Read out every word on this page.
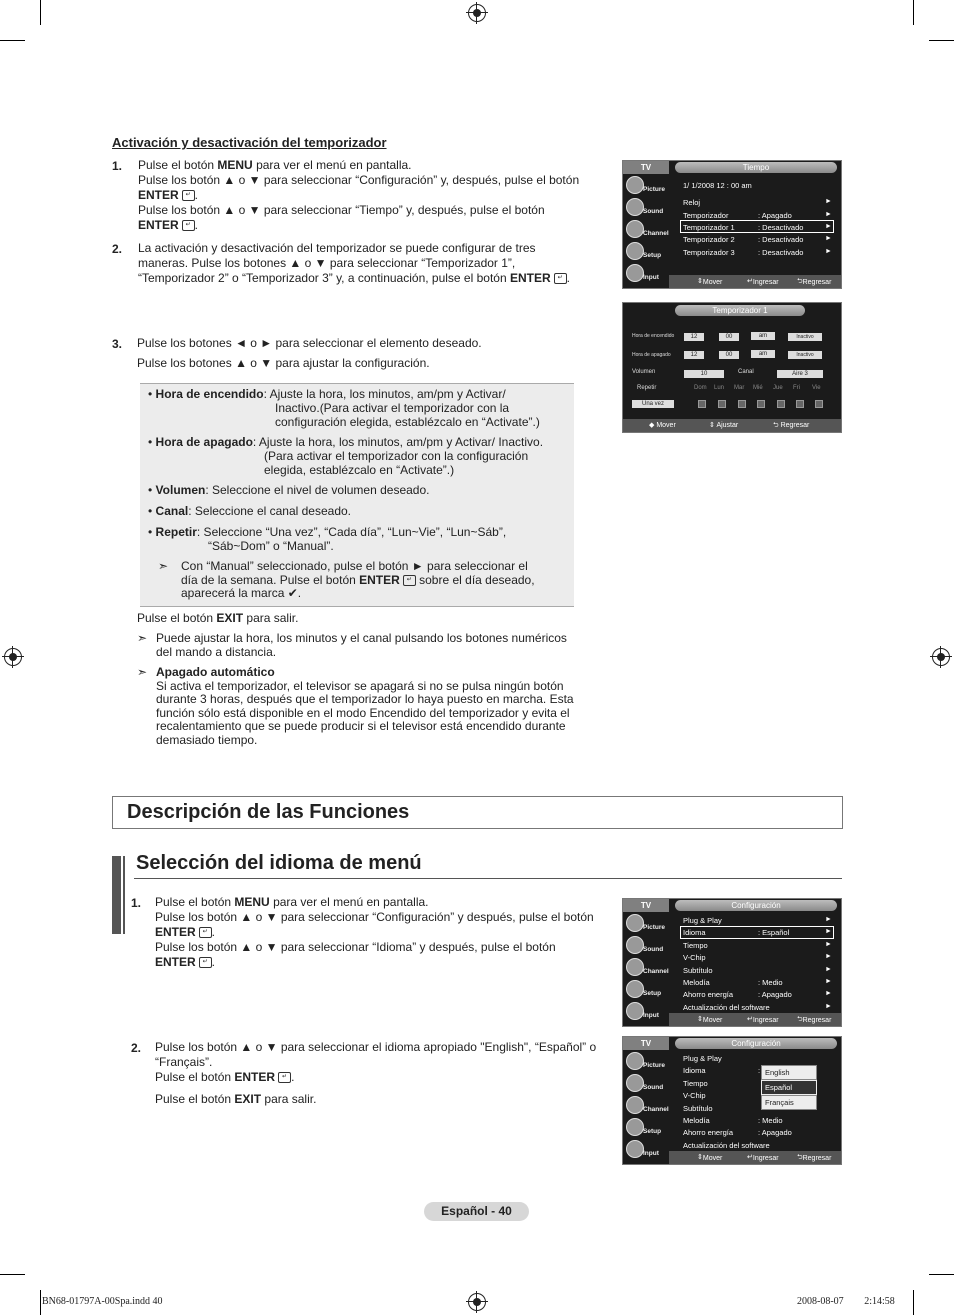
Activación y desactivación del temporizador
1. Pulse el botón MENU para ver el menú en pantalla.
Pulse los botón ▲ o ▼ para seleccionar “Configuración” y, después, pulse el botón
ENTER ↵ .
Pulse los botón ▲ o ▼ para seleccionar “Tiempo” y, después, pulse el botón
ENTER ↵ .
2. La activación y desactivación del temporizador se puede configurar de tres
maneras. Pulse los botones ▲ o ▼ para seleccionar “Temporizador 1”,
“Temporizador 2” o “Temporizador 3” y, a continuación, pulse el botón ENTER ↵ .
3. Pulse los botones ◄ o ► para seleccionar el elemento deseado.
Pulse los botones ▲ o ▼ para ajustar la configuración.
• Hora de encendido: Ajuste la hora, los minutos, am/pm y Activar/
Inactivo.(Para activar el temporizador con la
configuración elegida, establézcalo en “Activate”.)
• Hora de apagado: Ajuste la hora, los minutos, am/pm y Activar/ Inactivo.
(Para activar el temporizador con la configuración
elegida, establézcalo en “Activate”.)
• Volumen: Seleccione el nivel de volumen deseado.
• Canal: Seleccione el canal deseado.
• Repetir: Seleccione “Una vez”, “Cada día”, “Lun~Vie”, “Lun~Sáb”,
“Sáb~Dom” o “Manual”.
➣ Con “Manual” seleccionado, pulse el botón ► para seleccionar el
día de la semana. Pulse el botón ENTER ↵ sobre el día deseado,
aparecerá la marca ✔.
Pulse el botón EXIT para salir.
➣ Puede ajustar la hora, los minutos y el canal pulsando los botones numéricos
del mando a distancia.
➣ Apagado automático
Si activa el temporizador, el televisor se apagará si no se pulsa ningún botón
durante 3 horas, después que el temporizador lo haya puesto en marcha. Esta
función sólo está disponible en el modo Encendido del temporizador y evita el
recalentamiento que se puede producir si el televisor está encendido durante
demasiado tiempo.
Descripción de las Funciones
Selección del idioma de menú
1. Pulse el botón MENU para ver el menú en pantalla.
Pulse los botón ▲ o ▼ para seleccionar “Configuración” y después, pulse el botón
ENTER ↵ .
Pulse los botón ▲ o ▼ para seleccionar “Idioma” y después, pulse el botón
ENTER ↵ .
2. Pulse los botón ▲ o ▼ para seleccionar el idioma apropiado "English", “Español” o
“Français”.
Pulse el botón ENTER ↵ .
Pulse el botón EXIT para salir.
TV	Tiempo
Picture
Sound
Channel
Setup
Input
1/ 1/2008 12 : 00 am
Reloj	►
Temporizador	: Apagado	►
Temporizador 1	: Desactivado	►
Temporizador 2	: Desactivado	►
Temporizador 3	: Desactivado	►
⇕ Mover	↵ Ingresar	⮌ Regresar
Temporizador 1
Hora de encendido	12	00	am	Inactivo
Hora de apagado	12	00	am	Inactivo
Volumen	10	Canal	Aire 3
Repetir
Una vez
Dom Lun Mar Mié Jue Fri Vie
◆ Mover	⇕ Ajustar	⮌ Regresar
TV	Configuración
Picture
Sound
Channel
Setup
Input
Plug & Play	►
Idioma	: Español	►
Tiempo	►
V-Chip	►
Subtítulo	►
Melodía	: Medio	►
Ahorro energía	: Apagado	►
Actualización del software	►
⇕ Mover	↵ Ingresar	⮌ Regresar
TV	Configuración
Picture
Sound
Channel
Setup
Input
Plug & Play
Idioma	:
Tiempo
V-Chip
Subtítulo
Melodía	: Medio
Ahorro energía	: Apagado
Actualización del software
English
Español
Français
⇕ Mover	↵ Ingresar	⮌ Regresar
Español - 40
BN68-01797A-00Spa.indd 40	2008-08-07 ￿￿ 2:14:58
